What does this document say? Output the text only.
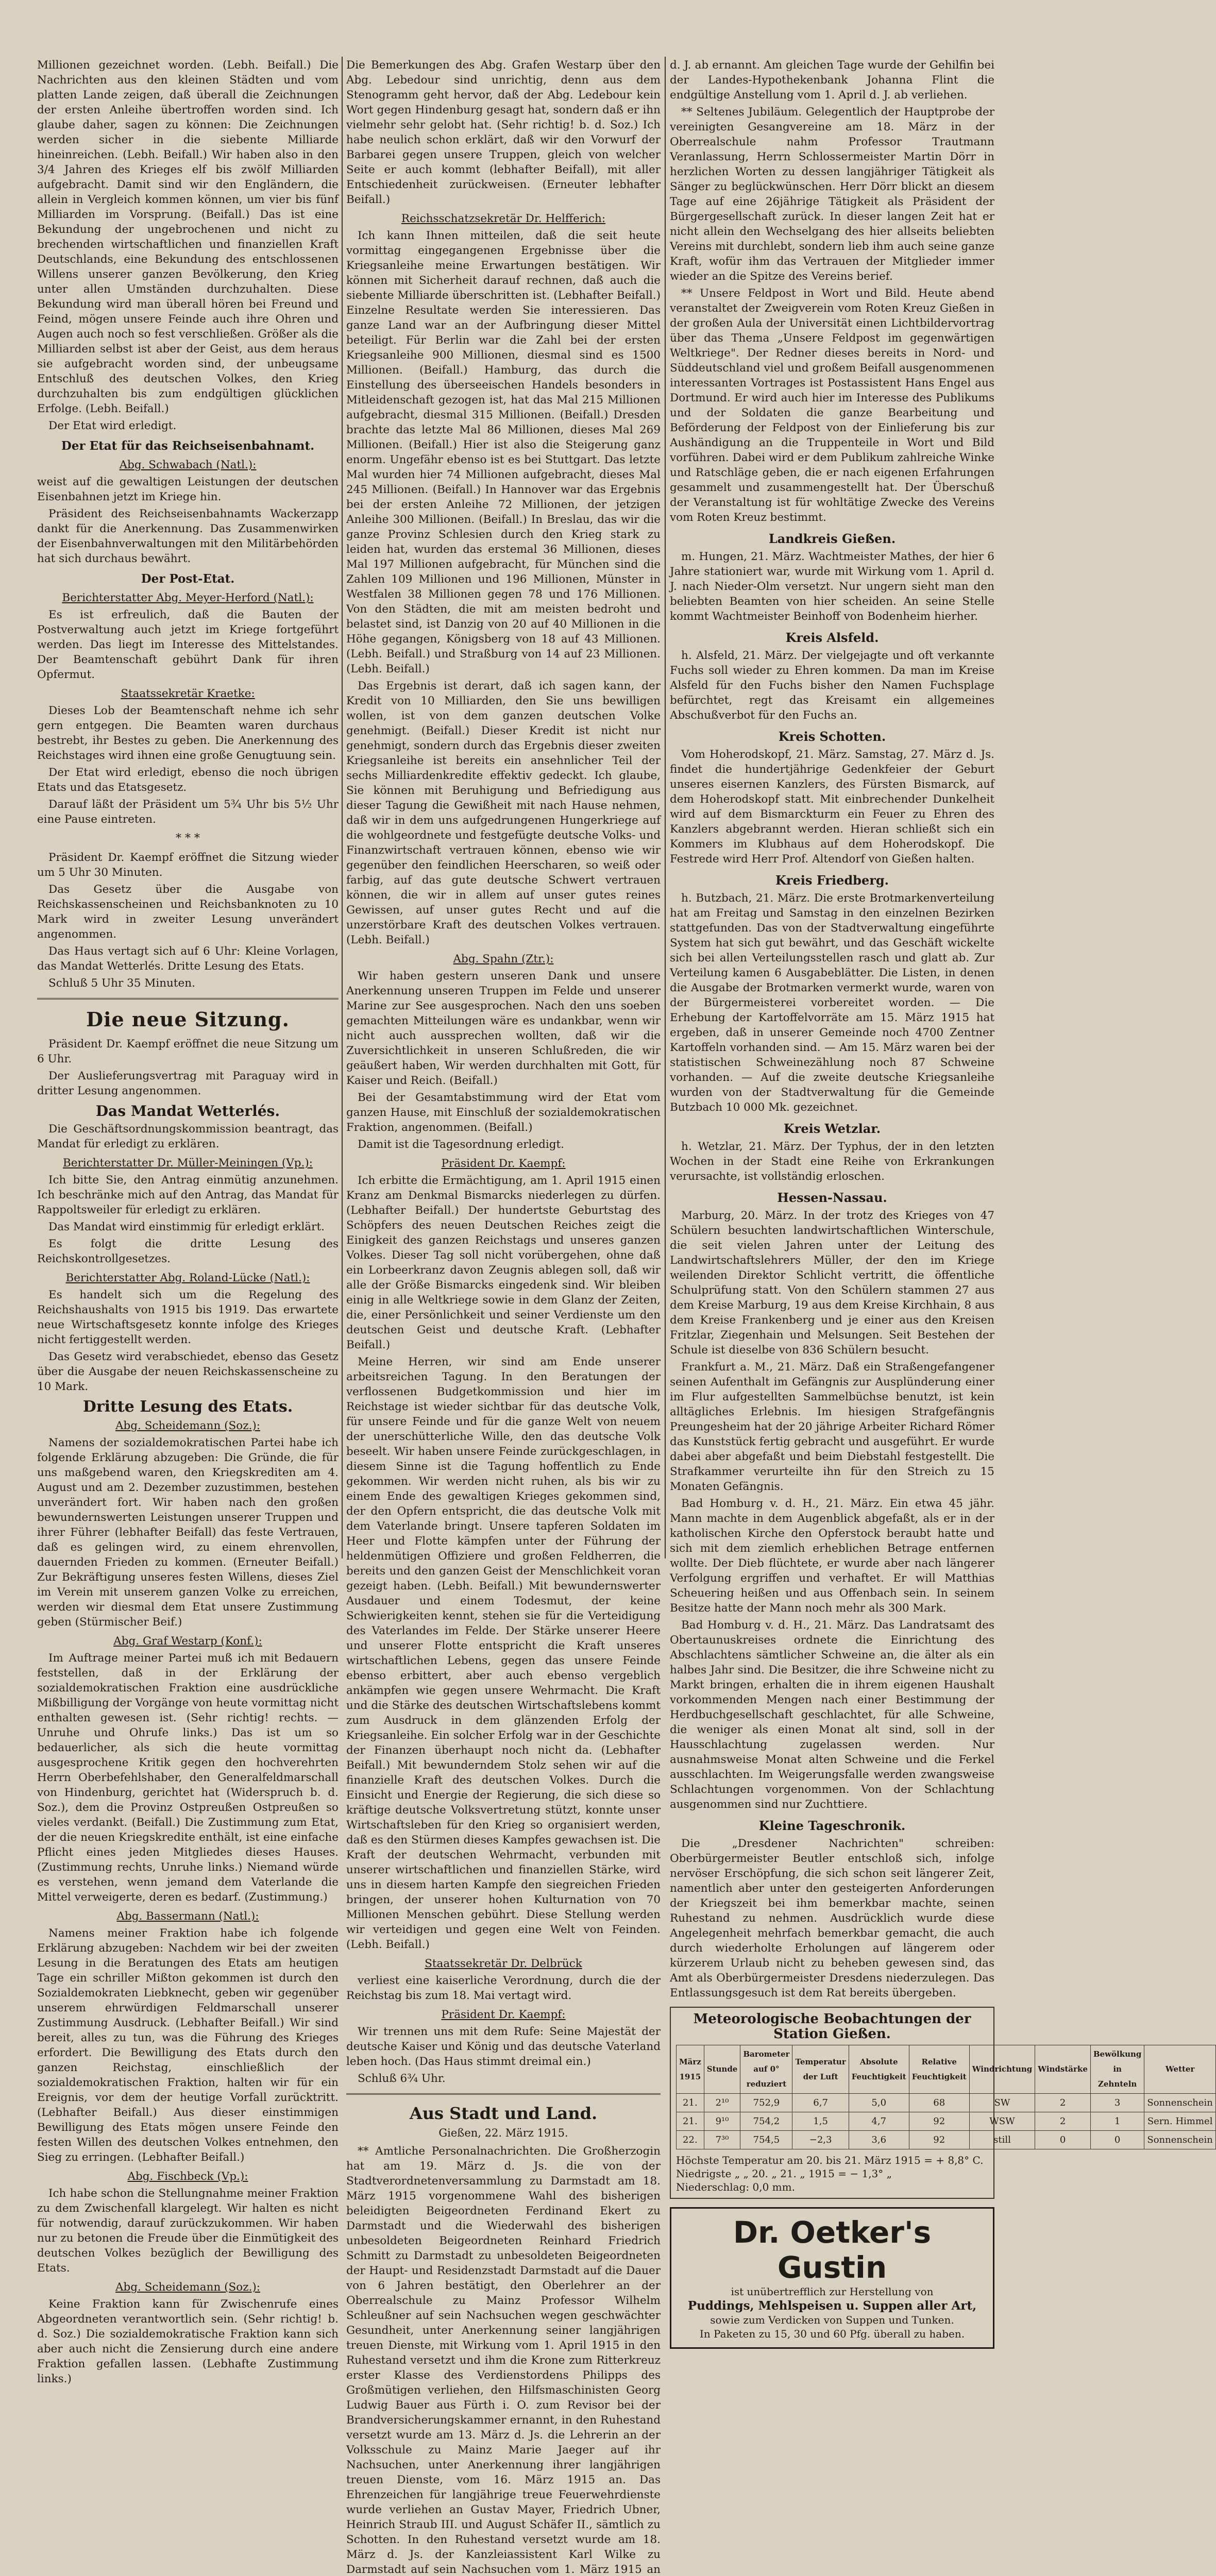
Millionen gezeichnet worden. (Lebh. Beifall.) Die Nachrichten aus den kleinen Städten und vom platten Lande zeigen, daß überall die Zeichnungen der ersten Anleihe übertroffen worden sind. Ich glaube daher, sagen zu können: Die Zeichnungen werden sicher in die siebente Milliarde hineinreichen. (Lebh. Beifall.) Wir haben also in den 3/4 Jahren des Krieges elf bis zwölf Milliarden aufgebracht. Damit sind wir den Engländern, die allein in Vergleich kommen können, um vier bis fünf Milliarden im Vorsprung. (Beifall.) Das ist eine Bekundung der ungebrochenen und nicht zu brechenden wirtschaftlichen und finanziellen Kraft Deutschlands, eine Bekundung des entschlossenen Willens unserer ganzen Bevölkerung, den Krieg unter allen Umständen durchzuhalten. Diese Bekundung wird man überall hören bei Freund und Feind, mögen unsere Feinde auch ihre Ohren und Augen auch noch so fest verschließen. Größer als die Milliarden selbst ist aber der Geist, aus dem heraus sie aufgebracht worden sind, der unbeugsame Entschluß des deutschen Volkes, den Krieg durchzuhalten bis zum endgültigen glücklichen Erfolge. (Lebh. Beifall.)

Der Etat wird erledigt.

Der Etat für das Reichseisenbahnamt.
Abg. Schwabach (Natl.):

weist auf die gewaltigen Leistungen der deutschen Eisenbahnen jetzt im Kriege hin.

Präsident des Reichseisenbahnamts Wackerzapp dankt für die Anerkennung. Das Zusammenwirken der Eisenbahnverwaltungen mit den Militärbehörden hat sich durchaus bewährt.

Der Post-Etat.
Berichterstatter Abg. Meyer-Herford (Natl.):

Es ist erfreulich, daß die Bauten der Postverwaltung auch jetzt im Kriege fortgeführt werden. Das liegt im Interesse des Mittelstandes. Der Beamtenschaft gebührt Dank für ihren Opfermut.

Staatssekretär Kraetke:

Dieses Lob der Beamtenschaft nehme ich sehr gern entgegen. Die Beamten waren durchaus bestrebt, ihr Bestes zu geben. Die Anerkennung des Reichstages wird ihnen eine große Genugtuung sein.

Der Etat wird erledigt, ebenso die noch übrigen Etats und das Etatsgesetz.

Darauf läßt der Präsident um 5¾ Uhr bis 5½ Uhr eine Pause eintreten.

* * *

Präsident Dr. Kaempf eröffnet die Sitzung wieder um 5 Uhr 30 Minuten.

Das Gesetz über die Ausgabe von Reichskassenscheinen und Reichsbanknoten zu 10 Mark wird in zweiter Lesung unverändert angenommen.

Das Haus vertagt sich auf 6 Uhr: Kleine Vorlagen, das Mandat Wetterlés. Dritte Lesung des Etats.

Schluß 5 Uhr 35 Minuten.

Die neue Sitzung.

Präsident Dr. Kaempf eröffnet die neue Sitzung um 6 Uhr.

Der Auslieferungsvertrag mit Paraguay wird in dritter Lesung angenommen.

Das Mandat Wetterlés.

Die Geschäftsordnungskommission beantragt, das Mandat für erledigt zu erklären.

Berichterstatter Dr. Müller-Meiningen (Vp.):

Ich bitte Sie, den Antrag einmütig anzunehmen. Ich beschränke mich auf den Antrag, das Mandat für Rappoltsweiler für erledigt zu erklären.

Das Mandat wird einstimmig für erledigt erklärt.

Es folgt die dritte Lesung des Reichskontrollgesetzes.

Berichterstatter Abg. Roland-Lücke (Natl.):

Es handelt sich um die Regelung des Reichshaushalts von 1915 bis 1919. Das erwartete neue Wirtschaftsgesetz konnte infolge des Krieges nicht fertiggestellt werden.

Das Gesetz wird verabschiedet, ebenso das Gesetz über die Ausgabe der neuen Reichskassenscheine zu 10 Mark.

Dritte Lesung des Etats.
Abg. Scheidemann (Soz.):

Namens der sozialdemokratischen Partei habe ich folgende Erklärung abzugeben: Die Gründe, die für uns maßgebend waren, den Kriegskrediten am 4. August und am 2. Dezember zuzustimmen, bestehen unverändert fort. Wir haben nach den großen bewundernswerten Leistungen unserer Truppen und ihrer Führer (lebhafter Beifall) das feste Vertrauen, daß es gelingen wird, zu einem ehrenvollen, dauernden Frieden zu kommen. (Erneuter Beifall.) Zur Bekräftigung unseres festen Willens, dieses Ziel im Verein mit unserem ganzen Volke zu erreichen, werden wir diesmal dem Etat unsere Zustimmung geben (Stürmischer Beif.)

Abg. Graf Westarp (Konf.):

Im Auftrage meiner Partei muß ich mit Bedauern feststellen, daß in der Erklärung der sozialdemokratischen Fraktion eine ausdrückliche Mißbilligung der Vorgänge von heute vormittag nicht enthalten gewesen ist. (Sehr richtig! rechts. — Unruhe und Ohrufe links.) Das ist um so bedauerlicher, als sich die heute vormittag ausgesprochene Kritik gegen den hochverehrten Herrn Oberbefehlshaber, den Generalfeldmarschall von Hindenburg, gerichtet hat (Widerspruch b. d. Soz.), dem die Provinz Ostpreußen Ostpreußen so vieles verdankt. (Beifall.) Die Zustimmung zum Etat, der die neuen Kriegskredite enthält, ist eine einfache Pflicht eines jeden Mitgliedes dieses Hauses. (Zustimmung rechts, Unruhe links.) Niemand würde es verstehen, wenn jemand dem Vaterlande die Mittel verweigerte, deren es bedarf. (Zustimmung.)

Abg. Bassermann (Natl.):

Namens meiner Fraktion habe ich folgende Erklärung abzugeben: Nachdem wir bei der zweiten Lesung in die Beratungen des Etats am heutigen Tage ein schriller Mißton gekommen ist durch den Sozialdemokraten Liebknecht, geben wir gegenüber unserem ehrwürdigen Feldmarschall unserer Zustimmung Ausdruck. (Lebhafter Beifall.) Wir sind bereit, alles zu tun, was die Führung des Krieges erfordert. Die Bewilligung des Etats durch den ganzen Reichstag, einschließlich der sozialdemokratischen Fraktion, halten wir für ein Ereignis, vor dem der heutige Vorfall zurücktritt. (Lebhafter Beifall.) Aus dieser einstimmigen Bewilligung des Etats mögen unsere Feinde den festen Willen des deutschen Volkes entnehmen, den Sieg zu erringen. (Lebhafter Beifall.)

Abg. Fischbeck (Vp.):

Ich habe schon die Stellungnahme meiner Fraktion zu dem Zwischenfall klargelegt. Wir halten es nicht für notwendig, darauf zurückzukommen. Wir haben nur zu betonen die Freude über die Einmütigkeit des deutschen Volkes bezüglich der Bewilligung des Etats.

Abg. Scheidemann (Soz.):

Keine Fraktion kann für Zwischenrufe eines Abgeordneten verantwortlich sein. (Sehr richtig! b. d. Soz.) Die sozialdemokratische Fraktion kann sich aber auch nicht die Zensierung durch eine andere Fraktion gefallen lassen. (Lebhafte Zustimmung links.)

Die Bemerkungen des Abg. Grafen Westarp über den Abg. Lebedour sind unrichtig, denn aus dem Stenogramm geht hervor, daß der Abg. Ledebour kein Wort gegen Hindenburg gesagt hat, sondern daß er ihn vielmehr sehr gelobt hat. (Sehr richtig! b. d. Soz.) Ich habe neulich schon erklärt, daß wir den Vorwurf der Barbarei gegen unsere Truppen, gleich von welcher Seite er auch kommt (lebhafter Beifall), mit aller Entschiedenheit zurückweisen. (Erneuter lebhafter Beifall.)

Reichsschatzsekretär Dr. Helfferich:

Ich kann Ihnen mitteilen, daß die seit heute vormittag eingegangenen Ergebnisse über die Kriegsanleihe meine Erwartungen bestätigen. Wir können mit Sicherheit darauf rechnen, daß auch die siebente Milliarde überschritten ist. (Lebhafter Beifall.) Einzelne Resultate werden Sie interessieren. Das ganze Land war an der Aufbringung dieser Mittel beteiligt. Für Berlin war die Zahl bei der ersten Kriegsanleihe 900 Millionen, diesmal sind es 1500 Millionen. (Beifall.) Hamburg, das durch die Einstellung des überseeischen Handels besonders in Mitleidenschaft gezogen ist, hat das Mal 215 Millionen aufgebracht, diesmal 315 Millionen. (Beifall.) Dresden brachte das letzte Mal 86 Millionen, dieses Mal 269 Millionen. (Beifall.) Hier ist also die Steigerung ganz enorm. Ungefähr ebenso ist es bei Stuttgart. Das letzte Mal wurden hier 74 Millionen aufgebracht, dieses Mal 245 Millionen. (Beifall.) In Hannover war das Ergebnis bei der ersten Anleihe 72 Millionen, der jetzigen Anleihe 300 Millionen. (Beifall.) In Breslau, das wir die ganze Provinz Schlesien durch den Krieg stark zu leiden hat, wurden das erstemal 36 Millionen, dieses Mal 197 Millionen aufgebracht, für München sind die Zahlen 109 Millionen und 196 Millionen, Münster in Westfalen 38 Millionen gegen 78 und 176 Millionen. Von den Städten, die mit am meisten bedroht und belastet sind, ist Danzig von 20 auf 40 Millionen in die Höhe gegangen, Königsberg von 18 auf 43 Millionen. (Lebh. Beifall.) und Straßburg von 14 auf 23 Millionen. (Lebh. Beifall.)

Das Ergebnis ist derart, daß ich sagen kann, der Kredit von 10 Milliarden, den Sie uns bewilligen wollen, ist von dem ganzen deutschen Volke genehmigt. (Beifall.) Dieser Kredit ist nicht nur genehmigt, sondern durch das Ergebnis dieser zweiten Kriegsanleihe ist bereits ein ansehnlicher Teil der sechs Milliardenkredite effektiv gedeckt. Ich glaube, Sie können mit Beruhigung und Befriedigung aus dieser Tagung die Gewißheit mit nach Hause nehmen, daß wir in dem uns aufgedrungenen Hungerkriege auf die wohlgeordnete und festgefügte deutsche Volks- und Finanzwirtschaft vertrauen können, ebenso wie wir gegenüber den feindlichen Heerscharen, so weiß oder farbig, auf das gute deutsche Schwert vertrauen können, die wir in allem auf unser gutes reines Gewissen, auf unser gutes Recht und auf die unzerstörbare Kraft des deutschen Volkes vertrauen. (Lebh. Beifall.)

Abg. Spahn (Ztr.):

Wir haben gestern unseren Dank und unsere Anerkennung unseren Truppen im Felde und unserer Marine zur See ausgesprochen. Nach den uns soeben gemachten Mitteilungen wäre es undankbar, wenn wir nicht auch aussprechen wollten, daß wir die Zuversichtlichkeit in unseren Schlußreden, die wir geäußert haben, Wir werden durchhalten mit Gott, für Kaiser und Reich. (Beifall.)

Bei der Gesamtabstimmung wird der Etat vom ganzen Hause, mit Einschluß der sozialdemokratischen Fraktion, angenommen. (Beifall.)

Damit ist die Tagesordnung erledigt.

Präsident Dr. Kaempf:

Ich erbitte die Ermächtigung, am 1. April 1915 einen Kranz am Denkmal Bismarcks niederlegen zu dürfen. (Lebhafter Beifall.) Der hundertste Geburtstag des Schöpfers des neuen Deutschen Reiches zeigt die Einigkeit des ganzen Reichstags und unseres ganzen Volkes. Dieser Tag soll nicht vorübergehen, ohne daß ein Lorbeerkranz davon Zeugnis ablegen soll, daß wir alle der Größe Bismarcks eingedenk sind. Wir bleiben einig in alle Weltkriege sowie in dem Glanz der Zeiten, die, einer Persönlichkeit und seiner Verdienste um den deutschen Geist und deutsche Kraft. (Lebhafter Beifall.)

Meine Herren, wir sind am Ende unserer arbeitsreichen Tagung. In den Beratungen der verflossenen Budgetkommission und hier im Reichstage ist wieder sichtbar für das deutsche Volk, für unsere Feinde und für die ganze Welt von neuem der unerschütterliche Wille, den das deutsche Volk beseelt. Wir haben unsere Feinde zurückgeschlagen, in diesem Sinne ist die Tagung hoffentlich zu Ende gekommen. Wir werden nicht ruhen, als bis wir zu einem Ende des gewaltigen Krieges gekommen sind, der den Opfern entspricht, die das deutsche Volk mit dem Vaterlande bringt. Unsere tapferen Soldaten im Heer und Flotte kämpfen unter der Führung der heldenmütigen Offiziere und großen Feldherren, die bereits und den ganzen Geist der Menschlichkeit voran gezeigt haben. (Lebh. Beifall.) Mit bewundernswerter Ausdauer und einem Todesmut, der keine Schwierigkeiten kennt, stehen sie für die Verteidigung des Vaterlandes im Felde. Der Stärke unserer Heere und unserer Flotte entspricht die Kraft unseres wirtschaftlichen Lebens, gegen das unsere Feinde ebenso erbittert, aber auch ebenso vergeblich ankämpfen wie gegen unsere Wehrmacht. Die Kraft und die Stärke des deutschen Wirtschaftslebens kommt zum Ausdruck in dem glänzenden Erfolg der Kriegsanleihe. Ein solcher Erfolg war in der Geschichte der Finanzen überhaupt noch nicht da. (Lebhafter Beifall.) Mit bewunderndem Stolz sehen wir auf die finanzielle Kraft des deutschen Volkes. Durch die Einsicht und Energie der Regierung, die sich diese so kräftige deutsche Volksvertretung stützt, konnte unser Wirtschaftsleben für den Krieg so organisiert werden, daß es den Stürmen dieses Kampfes gewachsen ist. Die Kraft der deutschen Wehrmacht, verbunden mit unserer wirtschaftlichen und finanziellen Stärke, wird uns in diesem harten Kampfe den siegreichen Frieden bringen, der unserer hohen Kulturnation von 70 Millionen Menschen gebührt. Diese Stellung werden wir verteidigen und gegen eine Welt von Feinden. (Lebh. Beifall.)

Staatssekretär Dr. Delbrück

verliest eine kaiserliche Verordnung, durch die der Reichstag bis zum 18. Mai vertagt wird.

Präsident Dr. Kaempf:

Wir trennen uns mit dem Rufe: Seine Majestät der deutsche Kaiser und König und das deutsche Vaterland leben hoch. (Das Haus stimmt dreimal ein.)

Schluß 6¾ Uhr.

Aus Stadt und Land.
Gießen, 22. März 1915.

** Amtliche Personalnachrichten. Die Großherzogin hat am 19. März d. Js. die von der Stadtverordnetenversammlung zu Darmstadt am 18. März 1915 vorgenommene Wahl des bisherigen beleidigten Beigeordneten Ferdinand Ekert zu Darmstadt und die Wiederwahl des bisherigen unbesoldeten Beigeordneten Reinhard Friedrich Schmitt zu Darmstadt zu unbesoldeten Beigeordneten der Haupt- und Residenzstadt Darmstadt auf die Dauer von 6 Jahren bestätigt, den Oberlehrer an der Oberrealschule zu Mainz Professor Wilhelm Schleußner auf sein Nachsuchen wegen geschwächter Gesundheit, unter Anerkennung seiner langjährigen treuen Dienste, mit Wirkung vom 1. April 1915 in den Ruhestand versetzt und ihm die Krone zum Ritterkreuz erster Klasse des Verdienstordens Philipps des Großmütigen verliehen, den Hilfsmaschinisten Georg Ludwig Bauer aus Fürth i. O. zum Revisor bei der Brandversicherungskammer ernannt, in den Ruhestand versetzt wurde am 13. März d. Js. die Lehrerin an der Volksschule zu Mainz Marie Jaeger auf ihr Nachsuchen, unter Anerkennung ihrer langjährigen treuen Dienste, vom 16. März 1915 an. Das Ehrenzeichen für langjährige treue Feuerwehrdienste wurde verliehen an Gustav Mayer, Friedrich Ubner, Heinrich Straub III. und August Schäfer II., sämtlich zu Schotten. In den Ruhestand versetzt wurde am 18. März d. Js. der Kanzleiassistent Karl Wilke zu Darmstadt auf sein Nachsuchen vom 1. März 1915 an

d. J. ab ernannt. Am gleichen Tage wurde der Gehilfin bei der Landes-Hypothekenbank Johanna Flint die endgültige Anstellung vom 1. April d. J. ab verliehen.

** Seltenes Jubiläum. Gelegentlich der Hauptprobe der vereinigten Gesangvereine am 18. März in der Oberrealschule nahm Professor Trautmann Veranlassung, Herrn Schlossermeister Martin Dörr in herzlichen Worten zu dessen langjähriger Tätigkeit als Sänger zu beglückwünschen. Herr Dörr blickt an diesem Tage auf eine 26jährige Tätigkeit als Präsident der Bürgergesellschaft zurück. In dieser langen Zeit hat er nicht allein den Wechselgang des hier allseits beliebten Vereins mit durchlebt, sondern lieb ihm auch seine ganze Kraft, wofür ihm das Vertrauen der Mitglieder immer wieder an die Spitze des Vereins berief.

** Unsere Feldpost in Wort und Bild. Heute abend veranstaltet der Zweigverein vom Roten Kreuz Gießen in der großen Aula der Universität einen Lichtbildervortrag über das Thema „Unsere Feldpost im gegenwärtigen Weltkriege". Der Redner dieses bereits in Nord- und Süddeutschland viel und großem Beifall ausgenommenen interessanten Vortrages ist Postassistent Hans Engel aus Dortmund. Er wird auch hier im Interesse des Publikums und der Soldaten die ganze Bearbeitung und Beförderung der Feldpost von der Einlieferung bis zur Aushändigung an die Truppenteile in Wort und Bild vorführen. Dabei wird er dem Publikum zahlreiche Winke und Ratschläge geben, die er nach eigenen Erfahrungen gesammelt und zusammengestellt hat. Der Überschuß der Veranstaltung ist für wohltätige Zwecke des Vereins vom Roten Kreuz bestimmt.

Landkreis Gießen.

m. Hungen, 21. März. Wachtmeister Mathes, der hier 6 Jahre stationiert war, wurde mit Wirkung vom 1. April d. J. nach Nieder-Olm versetzt. Nur ungern sieht man den beliebten Beamten von hier scheiden. An seine Stelle kommt Wachtmeister Beinhoff von Bodenheim hierher.

Kreis Alsfeld.

h. Alsfeld, 21. März. Der vielgejagte und oft verkannte Fuchs soll wieder zu Ehren kommen. Da man im Kreise Alsfeld für den Fuchs bisher den Namen Fuchsplage befürchtet, regt das Kreisamt ein allgemeines Abschußverbot für den Fuchs an.

Kreis Schotten.

Vom Hoherodskopf, 21. März. Samstag, 27. März d. Js. findet die hundertjährige Gedenkfeier der Geburt unseres eisernen Kanzlers, des Fürsten Bismarck, auf dem Hoherodskopf statt. Mit einbrechender Dunkelheit wird auf dem Bismarckturm ein Feuer zu Ehren des Kanzlers abgebrannt werden. Hieran schließt sich ein Kommers im Klubhaus auf dem Hoherodskopf. Die Festrede wird Herr Prof. Altendorf von Gießen halten.

Kreis Friedberg.

h. Butzbach, 21. März. Die erste Brotmarkenverteilung hat am Freitag und Samstag in den einzelnen Bezirken stattgefunden. Das von der Stadtverwaltung eingeführte System hat sich gut bewährt, und das Geschäft wickelte sich bei allen Verteilungsstellen rasch und glatt ab. Zur Verteilung kamen 6 Ausgabeblätter. Die Listen, in denen die Ausgabe der Brotmarken vermerkt wurde, waren von der Bürgermeisterei vorbereitet worden. — Die Erhebung der Kartoffelvorräte am 15. März 1915 hat ergeben, daß in unserer Gemeinde noch 4700 Zentner Kartoffeln vorhanden sind. — Am 15. März waren bei der statistischen Schweinezählung noch 87 Schweine vorhanden. — Auf die zweite deutsche Kriegsanleihe wurden von der Stadtverwaltung für die Gemeinde Butzbach 10 000 Mk. gezeichnet.

Kreis Wetzlar.

h. Wetzlar, 21. März. Der Typhus, der in den letzten Wochen in der Stadt eine Reihe von Erkrankungen verursachte, ist vollständig erloschen.

Hessen-Nassau.

Marburg, 20. März. In der trotz des Krieges von 47 Schülern besuchten landwirtschaftlichen Winterschule, die seit vielen Jahren unter der Leitung des Landwirtschaftslehrers Müller, der den im Kriege weilenden Direktor Schlicht vertritt, die öffentliche Schulprüfung statt. Von den Schülern stammen 27 aus dem Kreise Marburg, 19 aus dem Kreise Kirchhain, 8 aus dem Kreise Frankenberg und je einer aus den Kreisen Fritzlar, Ziegenhain und Melsungen. Seit Bestehen der Schule ist dieselbe von 836 Schülern besucht.

Frankfurt a. M., 21. März. Daß ein Straßengefangener seinen Aufenthalt im Gefängnis zur Ausplünderung einer im Flur aufgestellten Sammelbüchse benutzt, ist kein alltägliches Erlebnis. Im hiesigen Strafgefängnis Preungesheim hat der 20 jährige Arbeiter Richard Römer das Kunststück fertig gebracht und ausgeführt. Er wurde dabei aber abgefaßt und beim Diebstahl festgestellt. Die Strafkammer verurteilte ihn für den Streich zu 15 Monaten Gefängnis.

Bad Homburg v. d. H., 21. März. Ein etwa 45 jähr. Mann machte in dem Augenblick abgefaßt, als er in der katholischen Kirche den Opferstock beraubt hatte und sich mit dem ziemlich erheblichen Betrage entfernen wollte. Der Dieb flüchtete, er wurde aber nach längerer Verfolgung ergriffen und verhaftet. Er will Matthias Scheuering heißen und aus Offenbach sein. In seinem Besitze hatte der Mann noch mehr als 300 Mark.

Bad Homburg v. d. H., 21. März. Das Landratsamt des Obertaunuskreises ordnete die Einrichtung des Abschlachtens sämtlicher Schweine an, die älter als ein halbes Jahr sind. Die Besitzer, die ihre Schweine nicht zu Markt bringen, erhalten die in ihrem eigenen Haushalt vorkommenden Mengen nach einer Bestimmung der Herdbuchgesellschaft geschlachtet, für alle Schweine, die weniger als einen Monat alt sind, soll in der Hausschlachtung zugelassen werden. Nur ausnahmsweise Monat alten Schweine und die Ferkel ausschlachten. Im Weigerungsfalle werden zwangsweise Schlachtungen vorgenommen. Von der Schlachtung ausgenommen sind nur Zuchttiere.

Kleine Tageschronik.

Die „Dresdener Nachrichten" schreiben: Oberbürgermeister Beutler entschloß sich, infolge nervöser Erschöpfung, die sich schon seit längerer Zeit, namentlich aber unter den gesteigerten Anforderungen der Kriegszeit bei ihm bemerkbar machte, seinen Ruhestand zu nehmen. Ausdrücklich wurde diese Angelegenheit mehrfach bemerkbar gemacht, die auch durch wiederholte Erholungen auf längerem oder kürzerem Urlaub nicht zu beheben gewesen sind, das Amt als Oberbürgermeister Dresdens niederzulegen. Das Entlassungsgesuch ist dem Rat bereits übergeben.

Meteorologische Beobachtungen der Station Gießen.
März 1915	Stunde	Barometer auf 0° reduziert	Temperatur der Luft	Absolute Feuchtigkeit	Relative Feuchtigkeit	Windrichtung	Windstärke	Bewölkung in Zehnteln	Wetter
21.	2¹⁰	752,9	6,7	5,0	68	SW	2	3	Sonnenschein
21.	9¹⁰	754,2	1,5	4,7	92	WSW	2	1	Sern. Himmel
22.	7³⁰	754,5	−2,3	3,6	92	still	0	0	Sonnenschein
Höchste Temperatur am 20. bis 21. März 1915 = + 8,8° C.
Niedrigste „ „ 20. „ 21. „ 1915 = − 1,3° „
Niederschlag: 0,0 mm.
Dr. Oetker's Gustin
ist unübertrefflich zur Herstellung von
Puddings, Mehlspeisen u. Suppen aller Art,
sowie zum Verdicken von Suppen und Tunken.
In Paketen zu 15, 30 und 60 Pfg. überall zu haben.
